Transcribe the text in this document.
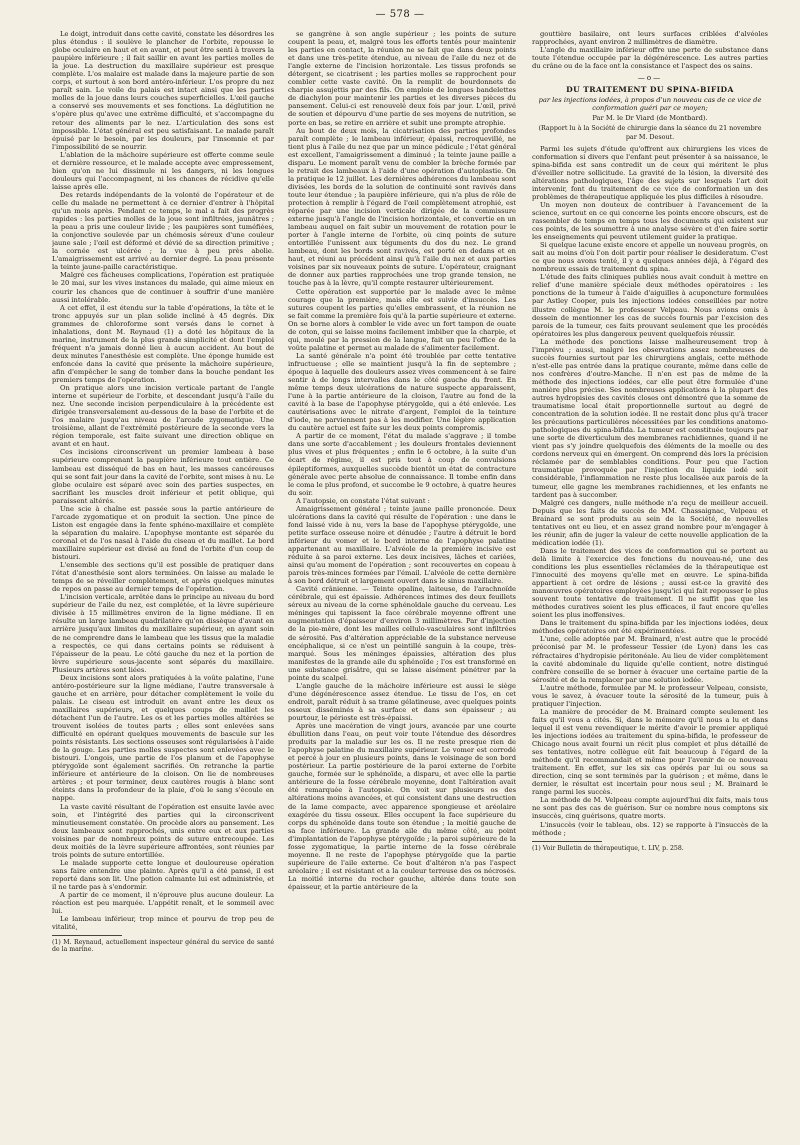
— 578 —

Le doigt, introduit dans cette cavité, constate les désordres les plus étendus : il soulève le plancher de l'orbite, repousse le globe oculaire en haut et en avant, et peut être senti à travers la paupière inférieure ; il fait saillir en avant les parties molles de la joue. La destruction du maxillaire supérieur est presque complète. L'os malaire est malade dans la majeure partie de son corps, et surtout à son bord antéro-inférieur. L'os propre du nez paraît sain. Le voile du palais est intact ainsi que les parties molles de la joue dans leurs couches superficielles. L'œil gauche a conservé ses mouvements et ses fonctions. La déglutition ne s'opère plus qu'avec une extrême difficulté, et s'accompagne du retour des aliments par le nez. L'articulation des sons est impossible. L'état général est peu satisfaisant. Le malade paraît épuisé par le besoin, par les douleurs, par l'insomnie et par l'impossibilité de se nourrir.

L'ablation de la mâchoire supérieure est offerte comme seule et dernière ressource, et le malade accepte avec empressement, bien qu'on ne lui dissimule ni les dangers, ni les longues douleurs qui l'accompagnent, ni les chances de récidive qu'elle laisse après elle.

Des retards indépendants de la volonté de l'opérateur et de celle du malade ne permettent à ce dernier d'entrer à l'hôpital qu'un mois après. Pendant ce temps, le mal a fait des progrès rapides : les parties molles de la joue sont infiltrées, jaunâtres ; la peau a pris une couleur livide ; les paupières sont tuméfiées, la conjonctive soulevée par un chémosis séreux d'une couleur jaune sale ; l'œil est déformé et dévié de sa direction primitive ; la cornée est ulcérée ; la vue à peu près abolie. L'amaigrissement est arrivé au dernier degré. La peau présente la teinte jaune-paille caractéristique.

Malgré ces fâcheuses complications, l'opération est pratiquée le 20 mai, sur les vives instances du malade, qui aime mieux en courir les chances que de continuer à souffrir d'une manière aussi intolérable.

A cet effet, il est étendu sur la table d'opérations, la tête et le tronc appuyés sur un plan solide incliné à 45 degrés. Dix grammes de chloroforme sont versés dans le cornet à inhalations, dont M. Reynaud (1) a doté les hôpitaux de la marine, instrument de la plus grande simplicité et dont l'emploi fréquent n'a jamais donné lieu à aucun accident. Au bout de deux minutes l'anesthésie est complète. Une éponge humide est enfoncée dans la cavité que présente la mâchoire supérieure, afin d'empêcher le sang de tomber dans la bouche pendant les premiers temps de l'opération.

On pratique alors une incision verticale partant de l'angle interne et supérieur de l'orbite, et descendant jusqu'à l'aile du nez. Une seconde incision perpendiculaire à la précédente est dirigée transversalement au-dessous de la base de l'orbite et de l'os malaire jusqu'au niveau de l'arcade zygomatique. Une troisième, allant de l'extrémité postérieure de la seconde vers la région temporale, est faite suivant une direction oblique en avant et en haut.

Ces incisions circonscrivent un premier lambeau à base supérieure comprenant la paupière inférieure tout entière. Ce lambeau est disséqué de bas en haut, les masses cancéreuses qui se sont fait jour dans la cavité de l'orbite, sont mises à nu. Le globe oculaire est séparé avec soin des parties suspectes, en sacrifiant les muscles droit inférieur et petit oblique, qui paraissent altérés.

Une scie à chaîne est passée sous la partie antérieure de l'arcade zygomatique et on produit la section. Une pince de Liston est engagée dans la fente sphéno-maxillaire et complète la séparation du malaire. L'apophyse montante est séparée du coronal et de l'os nasal à l'aide du ciseau et du maillet. Le bord maxillaire supérieur est divisé au fond de l'orbite d'un coup de bistouri.

L'ensemble des sections qu'il est possible de pratiquer dans l'état d'anesthésie sont alors terminées. On laisse au malade le temps de se réveiller complètement, et après quelques minutes de repos on passe au dernier temps de l'opération.

L'incision verticale, arrêtée dans le principe au niveau du bord supérieur de l'aile du nez, est complétée, et la lèvre supérieure divisée à 15 millimètres environ de la ligne médiane. Il en résulte un large lambeau quadrilatère qu'on dissèque d'avant en arrière jusqu'aux limites du maxillaire supérieur, en ayant soin de ne comprendre dans le lambeau que les tissus que la maladie a respectés, ce qui dans certains points se réduisent à l'épaisseur de la peau. Le côté gauche du nez et la portion de lèvre supérieure sous-jacente sont séparés du maxillaire. Plusieurs artères sont liées.

Deux incisions sont alors pratiquées à la voûte palatine, l'une antéro-postérieure sur la ligne médiane, l'autre transversale à gauche et en arrière, pour détacher complètement le voile du palais. Le ciseau est introduit en avant entre les deux os maxillaires supérieurs, et quelques coups de maillet les détachent l'un de l'autre. Les os et les parties molles altérées se trouvent isolées de toutes parts ; elles sont enlevées sans difficulté en opérant quelques mouvements de bascule sur les points résistants. Les sections osseuses sont régularisées à l'aide de la gouge. Les parties molles suspectes sont enlevées avec le bistouri. L'ongois, une partie de l'os planum et de l'apophyse ptérygoïde sont également sacrifiés. On retranche la partie inférieure et antérieure de la cloison. On lie de nombreuses artères ; et pour terminer, deux cautères rougis à blanc sont éteints dans la profondeur de la plaie, d'où le sang s'écoule en nappe.

La vaste cavité résultant de l'opération est ensuite lavée avec soin, et l'intégrité des parties qui la circonscrivent minutieusement constatée. On procède alors au pansement. Les deux lambeaux sont rapprochés, unis entre eux et aux parties voisines par de nombreux points de suture entrecoupée. Les deux moitiés de la lèvre supérieure affrontées, sont réunies par trois points de suture entortillée.

Le malade supporte cette longue et douloureuse opération sans faire entendre une plainte. Après qu'il a été pansé, il est reporté dans son lit. Une potion calmante lui est administrée, et il ne tarde pas à s'endormir.

A partir de ce moment, il n'éprouve plus aucune douleur. La réaction est peu marquée. L'appétit renaît, et le sommeil avec lui.

Le lambeau inférieur, trop mince et pourvu de trop peu de vitalité,

(1) M. Reynaud, actuellement inspecteur général du service de santé de la marine.

se gangrène à son angle supérieur ; les points de suture coupent la peau, et, malgré tous les efforts tentés pour maintenir les parties en contact, la réunion ne se fait que dans deux points et dans une très-petite étendue, au niveau de l'aile du nez et de l'angle externe de l'incision horizontale. Les tissus profonds se détergent, se cicatrisent ; les parties molles se rapprochent pour combler cette vaste cavité. On la remplit de bourdonnets de charpie assujettis par des fils. On emploie de longues bandelettes de diachylon pour maintenir les parties et les diverses pièces du pansement. Celui-ci est renouvelé deux fois par jour. L'œil, privé de soutien et dépourvu d'une partie de ses moyens de nutrition, se porte en bas, se retire en arrière et subit une prompte atrophie.

Au bout de deux mois, la cicatrisation des parties profondes paraît complète ; le lambeau inférieur, épaissi, recroquevillé, ne tient plus à l'aile du nez que par un mince pédicule ; l'état général est excellent, l'amaigrissement a diminué ; la teinte jaune paille a disparu. Le moment paraît venu de combler la brèche formée par le retrait des lambeaux à l'aide d'une opération d'autoplastie. On la pratique le 12 juillet. Les dernières adhérences du lambeau sont divisées, les bords de la solution de continuité sont ravivés dans toute leur étendue ; la paupière inférieure, qui n'a plus de rôle de protection à remplir à l'égard de l'œil complètement atrophié, est réparée par une incision verticale dirigée de la commissure externe jusqu'à l'angle de l'incision horizontale, et convertie en un lambeau auquel on fait subir un mouvement de rotation pour le porter à l'angle interne de l'orbite, où cinq points de suture entortillée l'unissent aux téguments du dos du nez. Le grand lambeau, dont les bords sont ravivés, est porté en dedans et en haut, et réuni au précédent ainsi qu'à l'aile du nez et aux parties voisines par six nouveaux points de suture. L'opérateur, craignant de donner aux parties rapprochées une trop grande tension, ne touche pas à la lèvre, qu'il compte restaurer ultérieurement.

Cette opération est supportée par le malade avec le même courage que la première, mais elle est suivie d'insuccès. Les sutures coupent les parties qu'elles embrassent, et la réunion ne se fait comme la première fois qu'à la partie supérieure et externe. On se borne alors à combler le vide avec un fort tampon de ouate de coton, qui se laisse moins facilement imbiber que la charpie, et qui, moulé par la pression de la langue, fait un peu l'office de la voûte palatine et permet au malade de s'alimenter facilement.

La santé générale n'a point été troublée par cette tentative infructueuse ; elle se maintient jusqu'à la fin de septembre ; époque à laquelle des douleurs assez vives commencent à se faire sentir à de longs intervalles dans le côté gauche du front. En même temps deux ulcérations de nature suspecte apparaissent, l'une à la partie antérieure de la cloison, l'autre au fond de la cavité à la base de l'apophyse ptérygoïde, qui a été enlevée. Les cautérisations avec le nitrate d'argent, l'emploi de la teinture d'iode, ne parviennent pas à les modifier. Une légère application du cautère actuel est faite sur les deux points compromis.

A partir de ce moment, l'état du malade s'aggrave ; il tombe dans une sorte d'accablement ; les douleurs frontales deviennent plus vives et plus fréquentes ; enfin le 6 octobre, à la suite d'un écart de régime, il est pris tout à coup de convulsions épileptiformes, auxquelles succède bientôt un état de contracture générale avec perte absolue de connaissance. Il tombe enfin dans le coma le plus profond, et succombe le 9 octobre, à quatre heures du soir.

A l'autopsie, on constate l'état suivant :

Amaigrissement général ; teinte jaune paille prononcée. Deux ulcérations dans la cavité qui résulte de l'opération : une dans le fond laissé vide à nu, vers la base de l'apophyse ptérygoïde, une petite surface osseuse noire et dénudée ; l'autre à détruit le bord inférieur du vomer et le bord interne de l'apophyse palatine appartenant au maxillaire. L'alvéole de la première incisive est réduite à sa paroi externe. Les deux incisives, lâches et cariées, ainsi qu'au moment de l'opération ; sont recouvertes en copeau à parois très-minces formées par l'émail. L'alvéole de cette dernière à son bord détruit et largement ouvert dans le sinus maxillaire.

Cavité crânienne. — Teinte opaline, laiteuse, de l'arachnoïde cérébrale, qui est épaissie. Adhérences intimes des deux feuillets séreux au niveau de la corne sphénoïdale gauche du cerveau. Les méninges qui tapissent la face cérébrale moyenne offrent une augmentation d'épaisseur d'environ 3 millimètres. Par d'injection de la pie-mère, dont les mailles cellulo-vasculaires sont infiltrées de sérosité. Pas d'altération appréciable de la substance nerveuse encéphalique, si ce n'est un peintillé sanguin à la coupe, très-marqué. Sous les méninges épaissies, altération des plus manifestes de la grande aile du sphénoïde ; l'os est transformé en une substance grisâtre, qui se laisse aisément pénétrer par la pointe du scalpel.

L'angle gauche de la mâchoire inférieure est aussi le siège d'une dégénérescence assez étendue. Le tissu de l'os, en cet endroit, paraît réduit à sa trame gélatineuse, avec quelques points osseux disséminés à sa surface et dans son épaisseur ; au pourtour, le périoste est très-épaissi.

Après une macération de vingt jours, avancée par une courte ébullition dans l'eau, on peut voir toute l'étendue des désordres produits par la maladie sur les os. Il ne reste presque rien de l'apophyse palatine du maxillaire supérieur. Le vomer est corrodé et percé à jour en plusieurs points, dans le voisinage de son bord postérieur. La partie postérieure de la paroi externe de l'orbite gauche, formée sur le sphénoïde, a disparu, et avec elle la partie antérieure de la fosse cérébrale moyenne, dont l'altération avait été remarquée à l'autopsie. On voit sur plusieurs os des altérations moins avancées, et qui consistent dans une destruction de la lame compacte, avec apparence spongieuse et aréolaire exagérée du tissu osseux. Elles occupent la face supérieure du corps du sphénoïde dans toute son étendue ; la moitié gauche de sa face inférieure. La grande aile du même côté, au point d'implantation de l'apophyse ptérygoïde ; la paroi supérieure de la fosse zygomatique, la partie interne de la fosse cérébrale moyenne. Il ne reste de l'apophyse ptérygoïde que la partie supérieure de l'aile externe. Ce bout d'altéron n'a pas l'aspect aréolaire ; il est résistant et a la couleur terreuse des os nécrosés. La moitié interne du rocher gauche, altérée dans toute son épaisseur, et la partie antérieure de la

gouttière basilaire, ont leurs surfaces criblées d'alvéoles rapprochées, ayant environ 2 millimètres de diamètre.

L'angle du maxillaire inférieur offre une perte de substance dans toute l'étendue occupée par la dégénérescence. Les autres parties du crâne ou de la face ont la consistance et l'aspect des os sains.

—o—

DU TRAITEMENT DU SPINA-BIFIDA

par les injections iodées, à propos d'un nouveau cas de ce vice de conformation guéri par ce moyen;

Par M. le Dr Viard (de Montbard).

(Rapport lu à la Société de chirurgie dans la séance du 21 novembre par M. Desout.

Parmi les sujets d'étude qu'offrent aux chirurgiens les vices de conformation si divers que l'enfant peut présenter à sa naissance, le spina-bifida est sans contredit un de ceux qui méritent le plus d'éveiller notre sollicitude. La gravité de la lésion, la diversité des altérations pathologiques, l'âge des sujets sur lesquels l'art doit intervenir, font du traitement de ce vice de conformation un des problèmes de thérapeutique appliquée les plus difficiles à résoudre.

Un moyen non douteux de contribuer à l'avancement de la science, surtout en ce qui concerne les points encore obscurs, est de rassembler de temps en temps tous les documents qui existent sur ces points, de les soumettre à une analyse sévère et d'en faire sortir les enseignements qui peuvent utilement guider la pratique.

Si quelque lacune existe encore et appelle un nouveau progrès, on sait au moins d'où l'on doit partir pour réaliser le desideratum. C'est ce que nous avons tenté, il y a quelques années déjà, à l'égard des nombreux essais de traitement du spina.

L'étude des faits cliniques publiés nous avait conduit à mettre en relief d'une manière spéciale deux méthodes opératoires : les ponctions de la tumeur à l'aide d'aiguilles à acuponcture formulées par Astley Cooper, puis les injections iodées conseillées par notre illustre collègue M. le professeur Velpeau. Nous avions omis à dessein de mentionner les cas de succès fournis par l'excision des parois de la tumeur, ces faits prouvant seulement que les procédés opératoires les plus dangereux peuvent quelquefois réussir.

La méthode des ponctions laisse malheureusement trop à l'imprévu ; aussi, malgré les observations assez nombreuses de succès fournies surtout par les chirurgiens anglais, cette méthode n'est-elle pas entrée dans la pratique courante, même dans celle de nos confrères d'outre-Manche. Il n'en est pas de même de la méthode des injections iodées, car elle peut être formulée d'une manière plus précise. Ses nombreuses applications à la plupart des autres hydropisies des cavités closes ont démontré que la somme de traumatisme local était proportionnelle surtout au degré de concentration de la solution iodée. Il ne restait donc plus qu'à tracer les précautions particulières nécessitées par les conditions anatomo-pathologiques du spina-bifida. La tumeur est constituée toujours par une sorte de diverticulum des membranes rachidiennes, quand il ne vient pas s'y joindre quelquefois des éléments de la moelle ou des cordons nerveux qui en émergent. On comprend dès lors la précision réclamée par de semblables conditions. Pour peu que l'action traumatique provoquée par l'injection du liquide iodé soit considérable, l'inflammation ne reste plus localisée aux parois de la tumeur, elle gagne les membranes rachidiennes, et les enfants ne tardent pas à succomber.

Malgré ces dangers, nulle méthode n'a reçu de meilleur accueil. Depuis que les faits de succès de MM. Chassaignac, Velpeau et Brainard se sont produits au sein de la Société, de nouvelles tentatives ont eu lieu, et en assez grand nombre pour m'engager à les réunir, afin de juger la valeur de cette nouvelle application de la médication iodée (1).

Dans le traitement des vices de conformation qui se portent au delà limite à l'exercice des fonctions du nouveau-né, une des conditions les plus essentielles réclamées de la thérapeutique est l'innocuité des moyens qu'elle met en œuvre. Le spina-bifida appartient à cet ordre de lésions ; aussi est-ce la gravité des manœuvres opératoires employées jusqu'ici qui fait repousser le plus souvent toute tentative de traitement. Il ne suffit pas que les méthodes curatives soient les plus efficaces, il faut encore qu'elles soient les plus inoffensives.

Dans le traitement du spina-bifida par les injections iodées, deux méthodes opératoires ont été expérimentées.

L'une, celle adoptée par M. Brainard, n'est autre que le procédé préconisé par M. le professeur Tessier (de Lyon) dans les cas réfractaires d'hydropisie péritonéale. Au lieu de vider complètement la cavité abdominale du liquide qu'elle contient, notre distingué confrère conseille de se borner à évacuer une certaine partie de la sérosité et de la remplacer par une solution iodée.

L'autre méthode, formulée par M. le professeur Velpeau, consiste, vous le savez, à évacuer toute la sérosité de la tumeur, puis à pratiquer l'injection.

La manière de procéder de M. Brainard compte seulement les faits qu'il vous a cités. Si, dans le mémoire qu'il nous a lu et dans lequel il est venu revendiquer le mérite d'avoir le premier appliqué les injections iodées au traitement du spina-bifida, le professeur de Chicago nous avait fourni un récit plus complet et plus détaillé de ses tentatives, notre collègue eût fait beaucoup à l'égard de la méthode qu'il recommandait et même pour l'avenir de ce nouveau traitement. En effet, sur les six cas opérés par lui ou sous sa direction, cinq se sont terminés par la guérison ; et même, dans le dernier, le résultat est incertain pour nous seul ; M. Brainard le range parmi les succès.

La méthode de M. Velpeau compte aujourd'hui dix faits, mais tous ne sont pas des cas de guérison. Sur ce nombre nous comptons six insuccès, cinq guérisons, quatre morts.

L'insuccès (voir le tableau, obs. 12) se rapporte à l'insuccès de la méthode ;

(1) Voir Bulletin de thérapeutique, t. LIV, p. 258.
